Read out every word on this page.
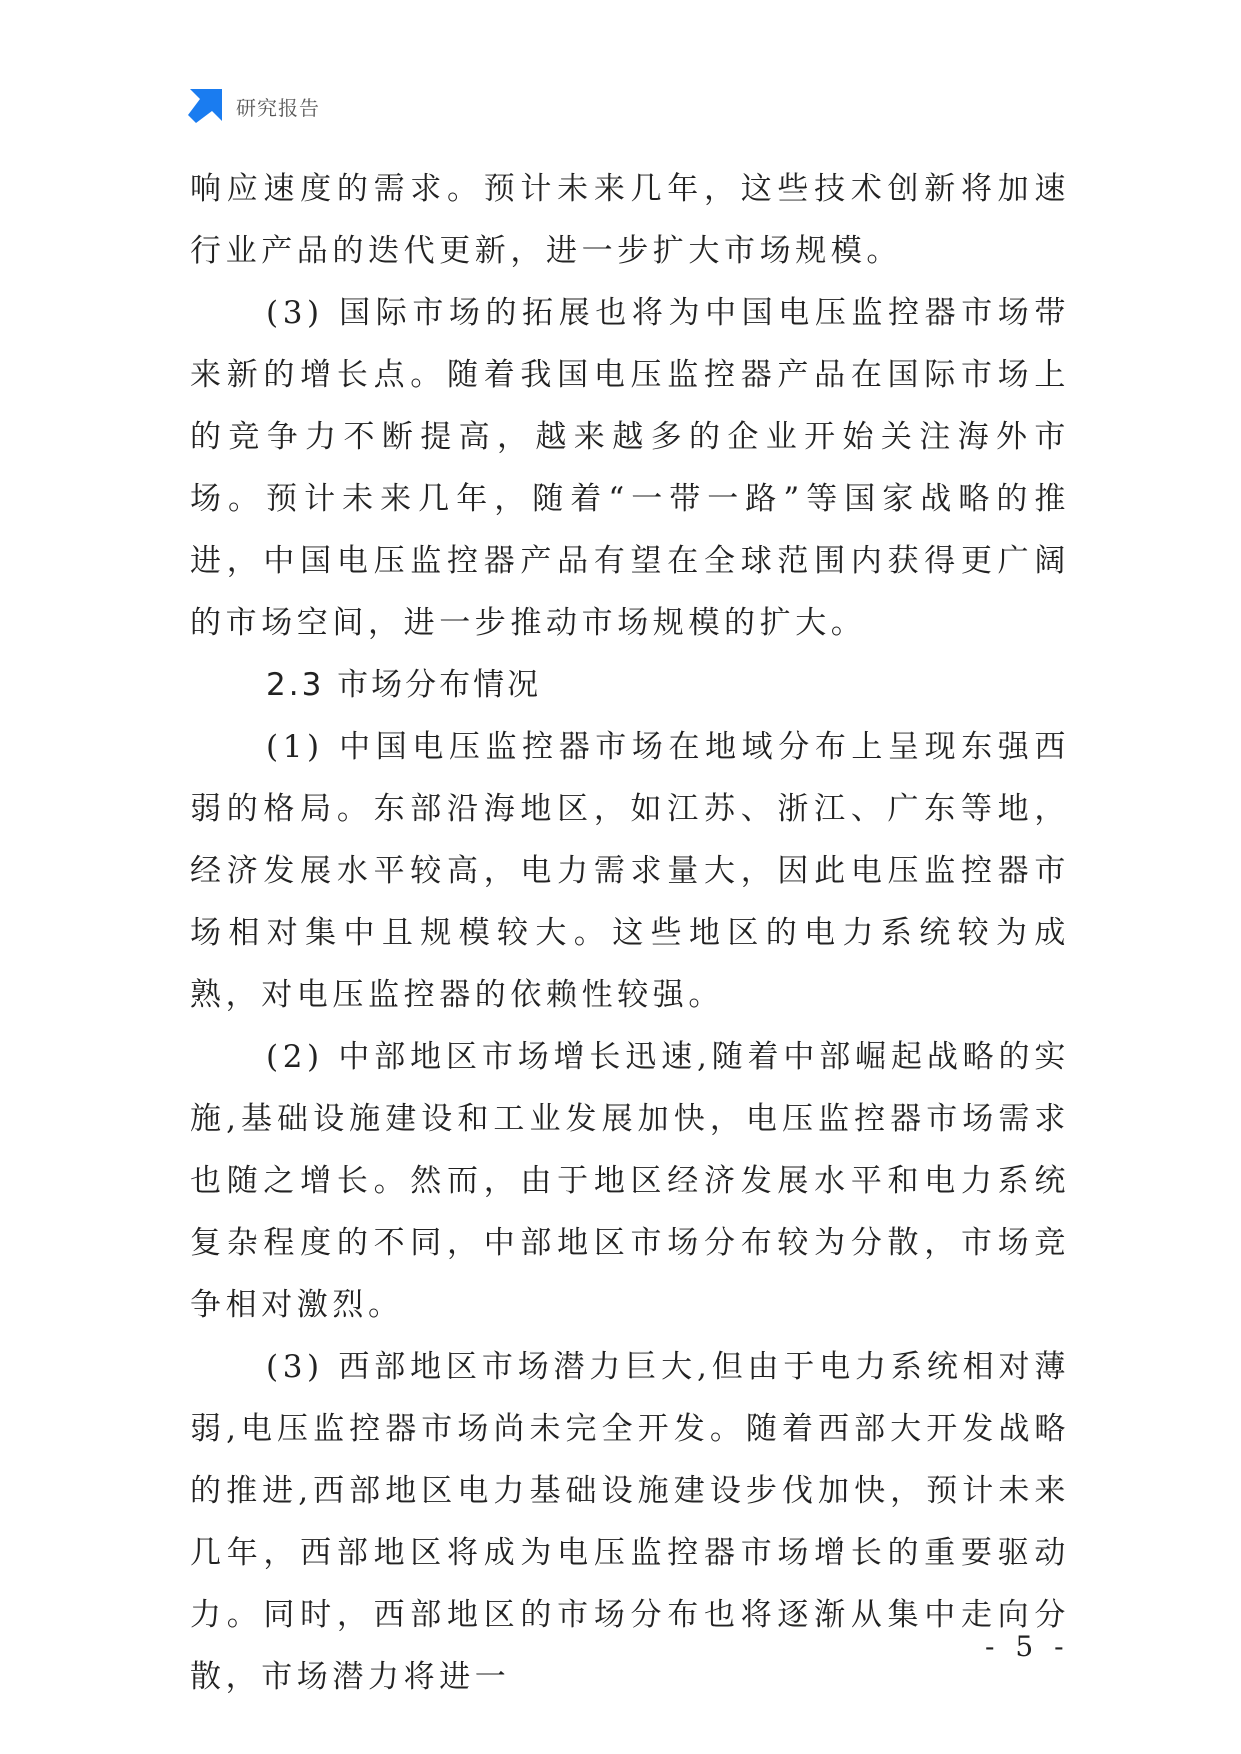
研究报告

响应速度的需求。预计未来几年，这些技术创新将加速行业产品的迭代更新，进一步扩大市场规模。

(3) 国际市场的拓展也将为中国电压监控器市场带来新的增长点。随着我国电压监控器产品在国际市场上的竞争力不断提高，越来越多的企业开始关注海外市场。预计未来几年，随着“一带一路”等国家战略的推进，中国电压监控器产品有望在全球范围内获得更广阔的市场空间，进一步推动市场规模的扩大。

2.3 市场分布情况

(1) 中国电压监控器市场在地域分布上呈现东强西弱的格局。东部沿海地区，如江苏、浙江、广东等地，经济发展水平较高，电力需求量大，因此电压监控器市场相对集中且规模较大。这些地区的电力系统较为成熟，对电压监控器的依赖性较强。

(2) 中部地区市场增长迅速,随着中部崛起战略的实施,基础设施建设和工业发展加快，电压监控器市场需求也随之增长。然而，由于地区经济发展水平和电力系统复杂程度的不同，中部地区市场分布较为分散，市场竞争相对激烈。

(3) 西部地区市场潜力巨大,但由于电力系统相对薄弱,电压监控器市场尚未完全开发。随着西部大开发战略的推进,西部地区电力基础设施建设步伐加快，预计未来几年，西部地区将成为电压监控器市场增长的重要驱动力。同时，西部地区的市场分布也将逐渐从集中走向分散，市场潜力将进一

- 5 -
